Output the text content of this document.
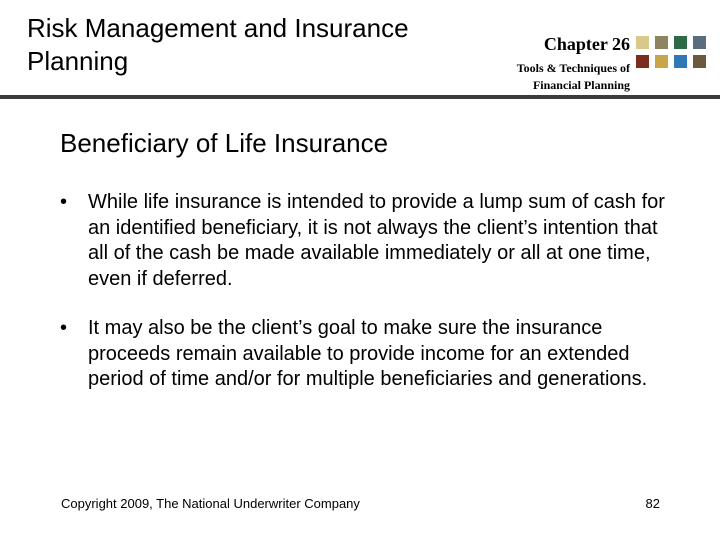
Risk Management and Insurance Planning
Chapter 26
Tools & Techniques of Financial Planning
Beneficiary of Life Insurance
•	While life insurance is intended to provide a lump sum of cash for an identified beneficiary, it is not always the client’s intention that all of the cash be made available immediately or all at one time, even if deferred.
•	It may also be the client’s goal to make sure the insurance proceeds remain available to provide income for an extended period of time and/or for multiple beneficiaries and generations.
Copyright 2009, The National Underwriter Company	82
